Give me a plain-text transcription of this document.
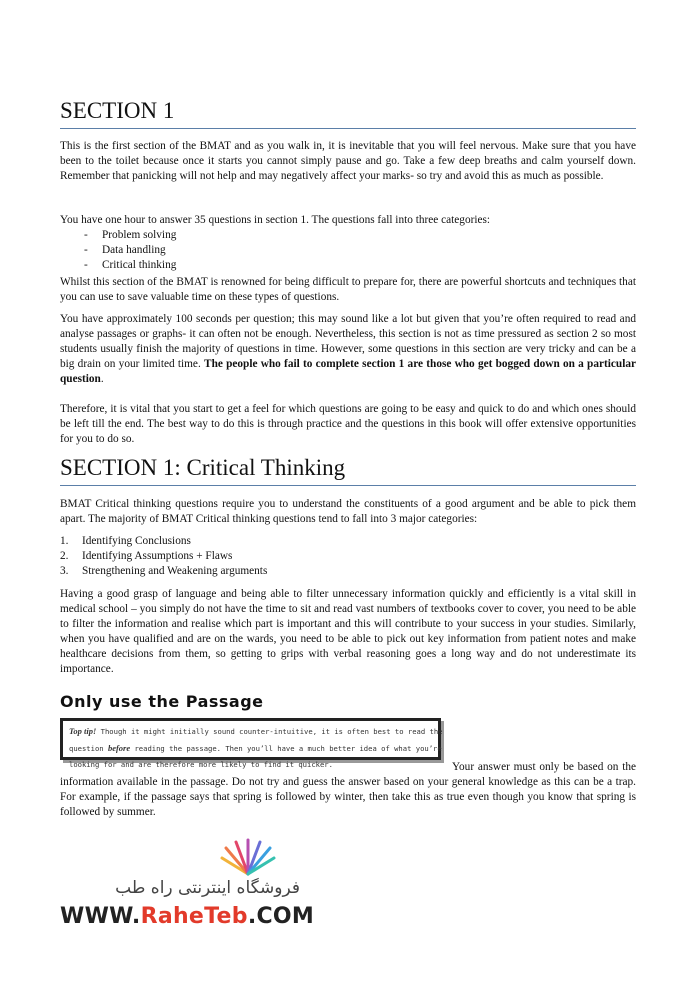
SECTION 1

This is the first section of the BMAT and as you walk in, it is inevitable that you will feel nervous. Make sure that you have been to the toilet because once it starts you cannot simply pause and go. Take a few deep breaths and calm yourself down. Remember that panicking will not help and may negatively affect your marks- so try and avoid this as much as possible.

You have one hour to answer 35 questions in section 1. The questions fall into three categories:

- Problem solving
- Data handling
- Critical thinking

Whilst this section of the BMAT is renowned for being difficult to prepare for, there are powerful shortcuts and techniques that you can use to save valuable time on these types of questions.

You have approximately 100 seconds per question; this may sound like a lot but given that you’re often required to read and analyse passages or graphs- it can often not be enough. Nevertheless, this section is not as time pressured as section 2 so most students usually finish the majority of questions in time. However, some questions in this section are very tricky and can be a big drain on your limited time. The people who fail to complete section 1 are those who get bogged down on a particular question.

Therefore, it is vital that you start to get a feel for which questions are going to be easy and quick to do and which ones should be left till the end. The best way to do this is through practice and the questions in this book will offer extensive opportunities for you to do so.

SECTION 1: Critical Thinking

BMAT Critical thinking questions require you to understand the constituents of a good argument and be able to pick them apart. The majority of BMAT Critical thinking questions tend to fall into 3 major categories:

1. Identifying Conclusions
2. Identifying Assumptions + Flaws
3. Strengthening and Weakening arguments

Having a good grasp of language and being able to filter unnecessary information quickly and efficiently is a vital skill in medical school – you simply do not have the time to sit and read vast numbers of textbooks cover to cover, you need to be able to filter the information and realise which part is important and this will contribute to your success in your studies. Similarly, when you have qualified and are on the wards, you need to be able to pick out key information from patient notes and make healthcare decisions from them, so getting to grips with verbal reasoning goes a long way and do not underestimate its importance.

Only use the Passage

Your answer must only be based on the information available in the passage. Do not try and guess the answer based on your general knowledge as this can be a trap. For example, if the passage says that spring is followed by winter, then take this as true even though you know that spring is followed by summer.

Top tip! Though it might initially sound counter-intuitive, it is often best to read the
question before reading the passage. Then you’ll have a much better idea of what you’re
looking for and are therefore more likely to find it quicker.
فروشگاه اینترنتی راه طب
WWW.RaheTeb.COM
